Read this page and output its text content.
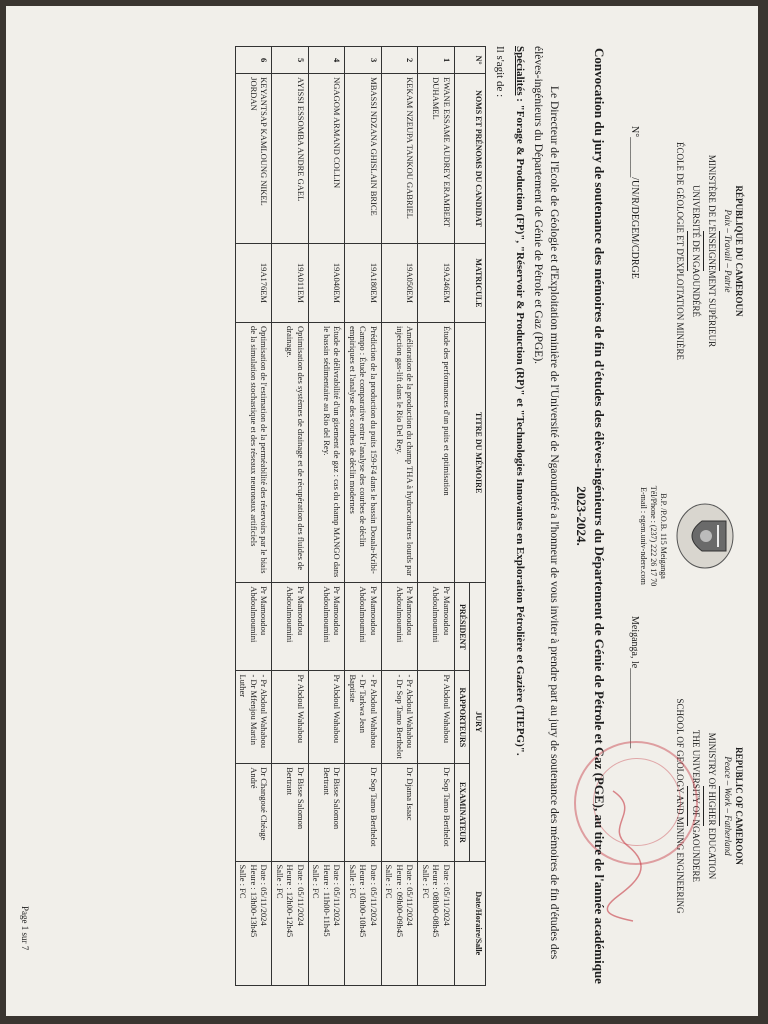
RÉPUBLIQUE DU CAMEROUN
Paix – Travail – Patrie
MINISTÈRE DE L'ENSEIGNEMENT SUPÉRIEUR
UNIVERSITÉ DE NGAOUNDÉRÉ
ÉCOLE DE GÉOLOGIE ET D'EXPLOITATION MINIÈRE
REPUBLIC OF CAMEROON
Peace – Work – Fatherland
MINISTRY OF HIGHER EDUCATION
THE UNIVERSITY OF NGAOUNDERE
SCHOOL OF GEOLOGY AND MINING ENGINEERING
B.P. /P.O.B. 115 Meiganga
Tél/Phone : (237) 222 26 17 70
E-mail : egem.univ-ndere.com
N°________/UN/R/DEGEM/CDRGE
Meiganga, le________________
Convocation du jury de soutenance des mémoires de fin d'études des élèves-ingénieurs du Département de Génie de Pétrole et Gaz (PGE), au titre de l'année académique 2023-2024.
Le Directeur de l'Ecole de Géologie et d'Exploitation minière de l'Université de Ngaoundéré a l'honneur de vous inviter à prendre part au jury de soutenance des mémoires de fin d'études des élèves-ingénieurs du Département de Génie de Pétrole et Gaz (PGE).
Spécialités : "Forage & Production (FP)", "Réservoir & Production (RP)" et "Technologies Innovantes en Exploration Pétrolière et Gazière (TIEPG)".
Il s'agit de :
N°	NOMS ET PRÉNOMS DU CANDIDAT	MATRICULE	TITRE DU MÉMOIRE	JURY			Date/Horaire/Salle
				PRÉSIDENT	RAPPORTEURS	EXAMINATEUR	
1	EWANE ESSAME AUDREY ERAMBERT DUHAMEL	19A246EM	Étude des performances d'un puits et optimisation	Pr Mamoudou Abdoulmoumini	Pr Abdoul Wahabou	Dr Sop Tamo Berthelot	Date : 05/11/2024
Heure : 08h00-08h45
Salle : FC
2	KEKAM NZEUPA TANKOU GABRIEL	19A050EM	Amélioration de la production du champ THA à hydrocarbures lourds par injection gas-lift dans le Rio Del Rey.	Pr Mamoudou Abdoulmoumini	- Pr Abdoul Wahabou
- Dr Sop Tamo Berthelot	Dr Djama Isaac	Date : 05/11/2024
Heure : 09h00-09h45
Salle : FC
3	MBASSI NDZANA GHISLAIN BRICE	19A180EM	Prédiction de la production du puits 159-F4 dans le bassin Douala-Kribi-Campo : Étude comparative entre l'analyse des courbes de déclin empiriques et l'analyse des courbes de déclin modernes	Pr Mamoudou Abdoulmoumini	- Pr Abdoul Wahabou
- Dr Tarkwa Jean Baptiste	Dr Sop Tamo Berthelot	Date : 05/11/2024
Heure : 10h00-10h45
Salle : FC
4	NGAGOM ARMAND COLLIN	19A040EM	Étude de délivrabilité d'un gisement de gaz : cas du champ MANGO dans le bassin sédimentaire au Rio del Rey.	Pr Mamoudou Abdoulmoumini	Pr Abdoul Wahabou	Dr Bisse Salomon Bertrant	Date : 05/11/2024
Heure : 11h00-11h45
Salle : FC
5	AYISSI ESSOMBA ANDRE GAEL	19A011EM	Optimisation des systèmes de drainage et de récupération des fluides de drainage.	Pr Mamoudou Abdoulmoumini	Pr Abdoul Wahabou	Dr Bisse Salomon Bertrant	Date : 05/11/2024
Heure : 12h00-12h45
Salle : FC
6	KEYANTSAP KAMLOUNG NIKEL JORDAN	19A176EM	Optimisation de l'estimation de la perméabilité des réservoirs par le biais de la simulation stochastique et des réseaux neuronaux artificiels	Pr Mamoudou Abdoulmoumini	- Pr Abdoul Wahabou
- Dr Mfenjou Martin Luther	Dr Changoué Chéage André	Date : 05/11/2024
Heure : 13h00-13h45
Salle : FC
Page 1 sur 7
